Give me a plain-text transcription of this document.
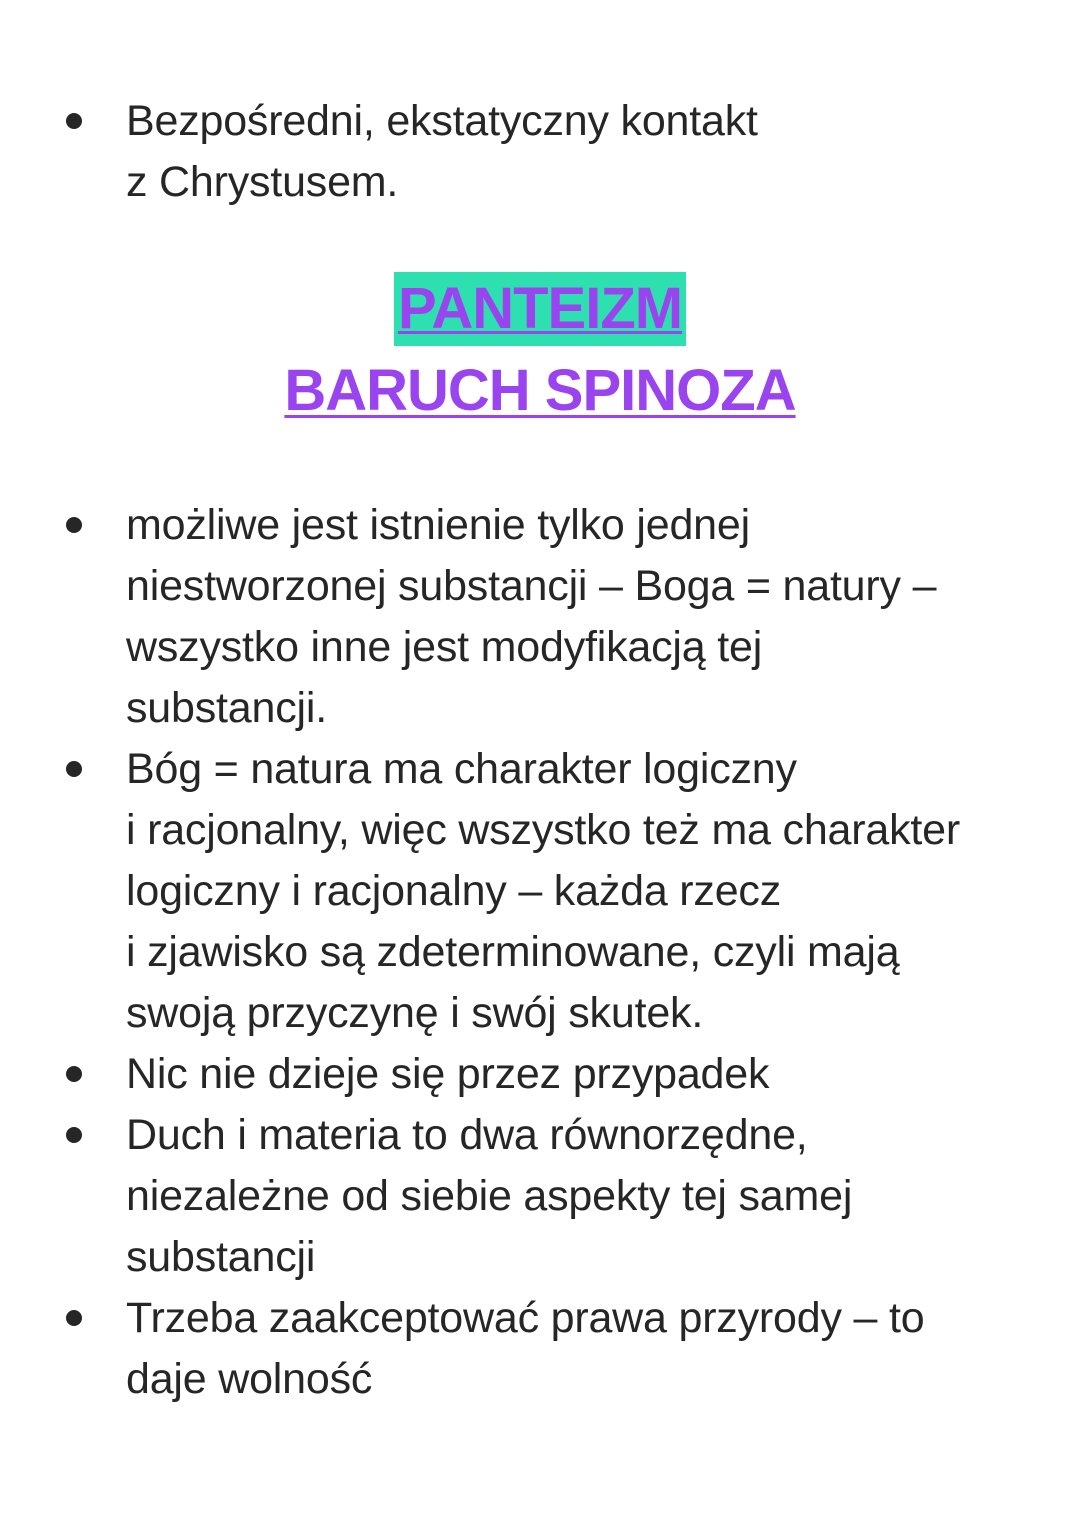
Bezpośredni, ekstatyczny kontakt
z Chrystusem.
PANTEIZM
BARUCH SPINOZA
możliwe jest istnienie tylko jednej
niestworzonej substancji – Boga = natury –
wszystko inne jest modyfikacją tej
substancji.
Bóg = natura ma charakter logiczny
i racjonalny, więc wszystko też ma charakter
logiczny i racjonalny – każda rzecz
i zjawisko są zdeterminowane, czyli mają
swoją przyczynę i swój skutek.
Nic nie dzieje się przez przypadek
Duch i materia to dwa równorzędne,
niezależne od siebie aspekty tej samej
substancji
Trzeba zaakceptować prawa przyrody – to
daje wolność
